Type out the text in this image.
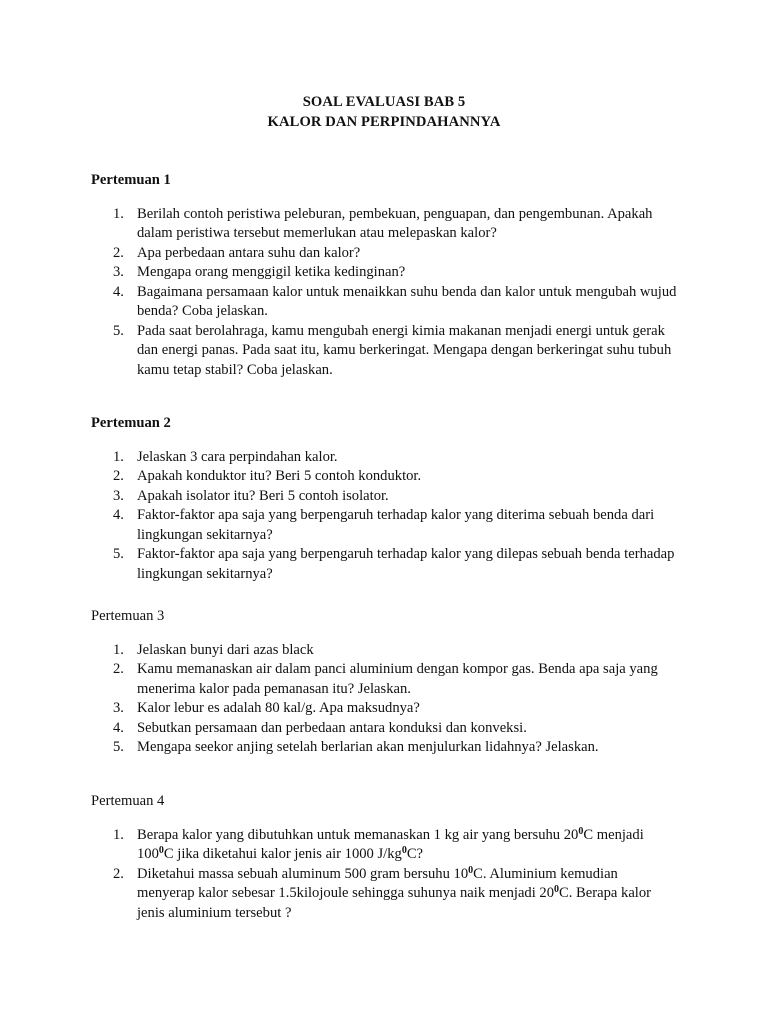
SOAL EVALUASI BAB 5
KALOR DAN PERPINDAHANNYA
Pertemuan 1
1. Berilah contoh peristiwa peleburan, pembekuan, penguapan, dan pengembunan. Apakah dalam peristiwa tersebut memerlukan atau melepaskan kalor?
2. Apa perbedaan antara suhu dan kalor?
3. Mengapa orang menggigil ketika kedinginan?
4. Bagaimana persamaan kalor untuk menaikkan suhu benda dan kalor untuk mengubah wujud benda? Coba jelaskan.
5. Pada saat berolahraga, kamu mengubah energi kimia makanan menjadi energi untuk gerak dan energi panas. Pada saat itu, kamu berkeringat. Mengapa dengan berkeringat suhu tubuh kamu tetap stabil? Coba jelaskan.
Pertemuan 2
1. Jelaskan 3 cara perpindahan kalor.
2. Apakah konduktor itu? Beri 5 contoh konduktor.
3. Apakah isolator itu? Beri 5 contoh isolator.
4. Faktor-faktor apa saja yang berpengaruh terhadap kalor yang diterima sebuah benda dari lingkungan sekitarnya?
5. Faktor-faktor apa saja yang berpengaruh terhadap kalor yang dilepas sebuah benda terhadap lingkungan sekitarnya?
Pertemuan 3
1. Jelaskan bunyi dari azas black
2. Kamu memanaskan air dalam panci aluminium dengan kompor gas. Benda apa saja yang menerima kalor pada pemanasan itu? Jelaskan.
3. Kalor lebur es adalah 80 kal/g. Apa maksudnya?
4. Sebutkan persamaan dan perbedaan antara konduksi dan konveksi.
5. Mengapa seekor anjing setelah berlarian akan menjulurkan lidahnya? Jelaskan.
Pertemuan 4
1. Berapa kalor yang dibutuhkan untuk memanaskan 1 kg air yang bersuhu $20^0C$ menjadi $100^0C$ jika diketahui kalor jenis air 1000 $J/kg^0C$?
2. Diketahui massa sebuah aluminum 500 gram bersuhu $10^0C$. Aluminium kemudian menyerap kalor sebesar 1.5kilojoule sehingga suhunya naik menjadi $20^0C$. Berapa kalor jenis aluminium tersebut ?
